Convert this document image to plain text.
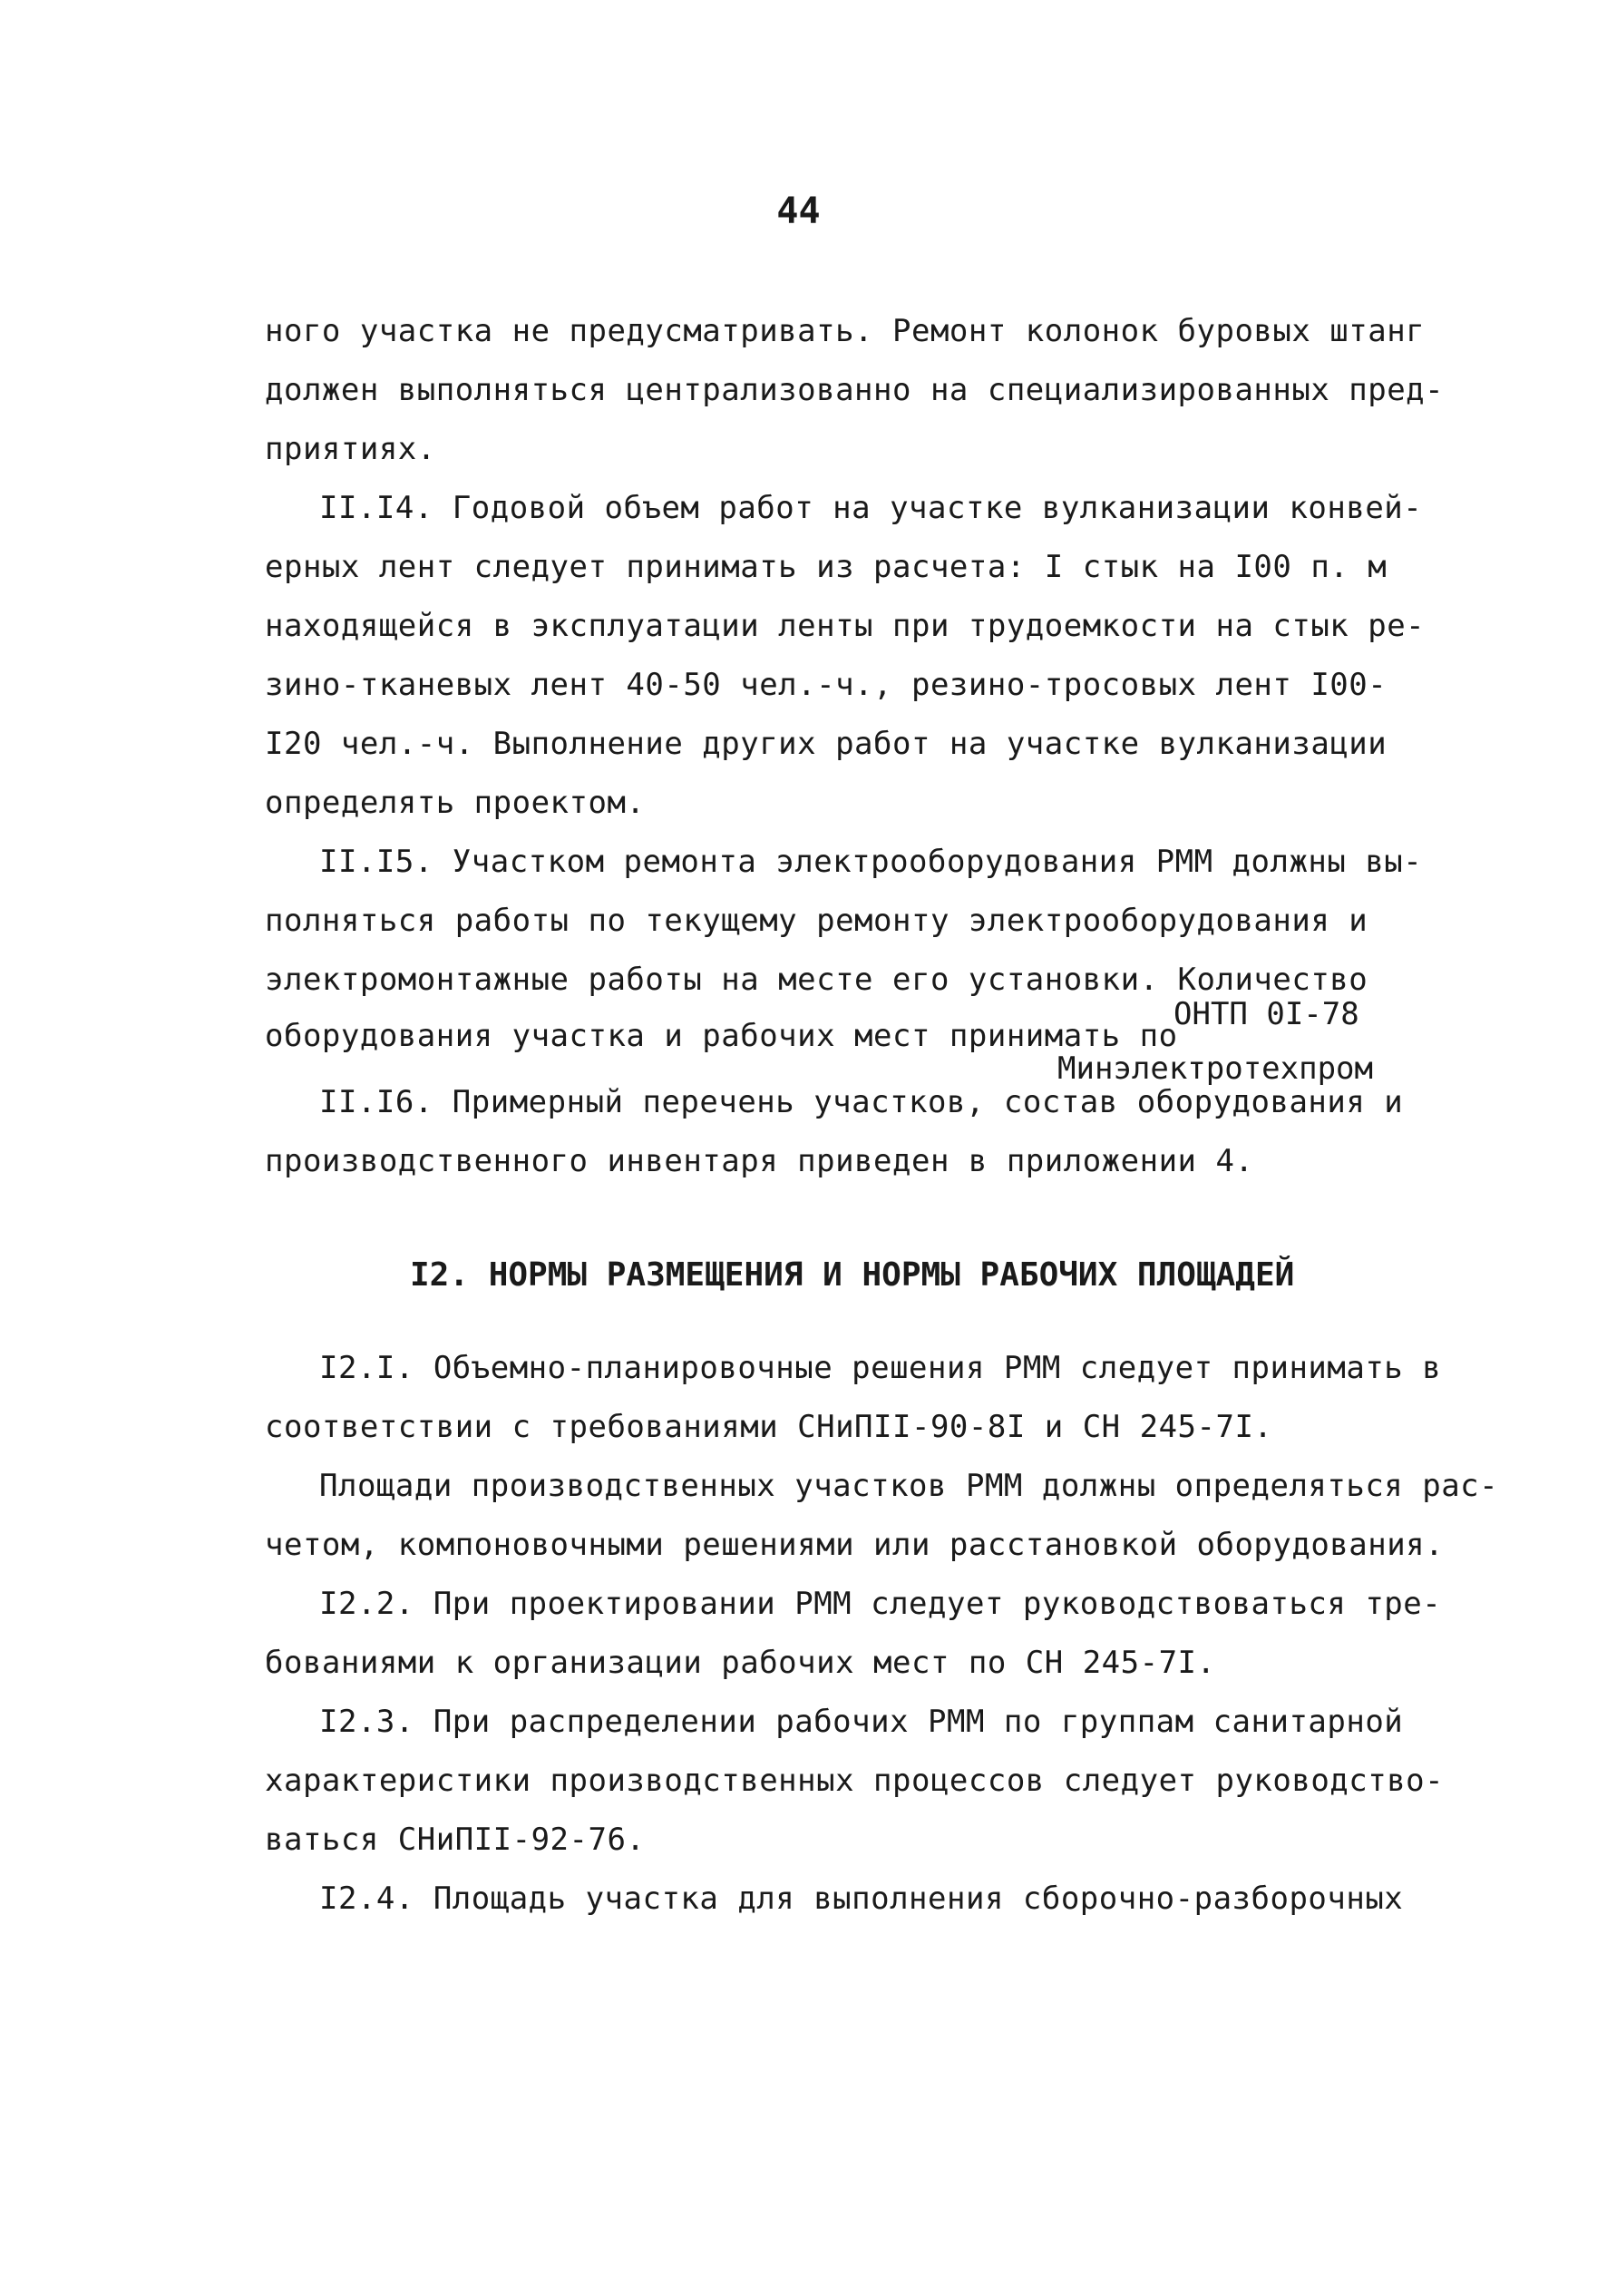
44
ного участка не предусматривать. Ремонт колонок буровых штанг
должен выполняться централизованно на специализированных пред-
приятиях.
II.I4. Годовой объем работ на участке вулканизации конвей-
ерных лент следует принимать из расчета: I стык на I00 п. м
находящейся в эксплуатации ленты при трудоемкости на стык ре-
зино-тканевых лент 40-50 чел.-ч., резино-тросовых лент I00-
I20 чел.-ч. Выполнение других работ на участке вулканизации
определять проектом.
II.I5. Участком ремонта электрооборудования РММ должны вы-
полняться работы по текущему ремонту электрооборудования и
электромонтажные работы на месте его установки. Количество
оборудования участка и рабочих мест принимать по
ОНТП 0I-78
Минэлектротехпром
II.I6. Примерный перечень участков, состав оборудования и
производственного инвентаря приведен в приложении 4.
I2. НОРМЫ РАЗМЕЩЕНИЯ И НОРМЫ РАБОЧИХ ПЛОЩАДЕЙ
I2.I. Объемно-планировочные решения РММ следует принимать в
соответствии с требованиями СНиПII-90-8I и СН 245-7I.
Площади производственных участков РММ должны определяться рас-
четом, компоновочными решениями или расстановкой оборудования.
I2.2. При проектировании РММ следует руководствоваться тре-
бованиями к организации рабочих мест по СН 245-7I.
I2.3. При распределении рабочих РММ по группам санитарной
характеристики производственных процессов следует руководство-
ваться СНиПII-92-76.
I2.4. Площадь участка для выполнения сборочно-разборочных
